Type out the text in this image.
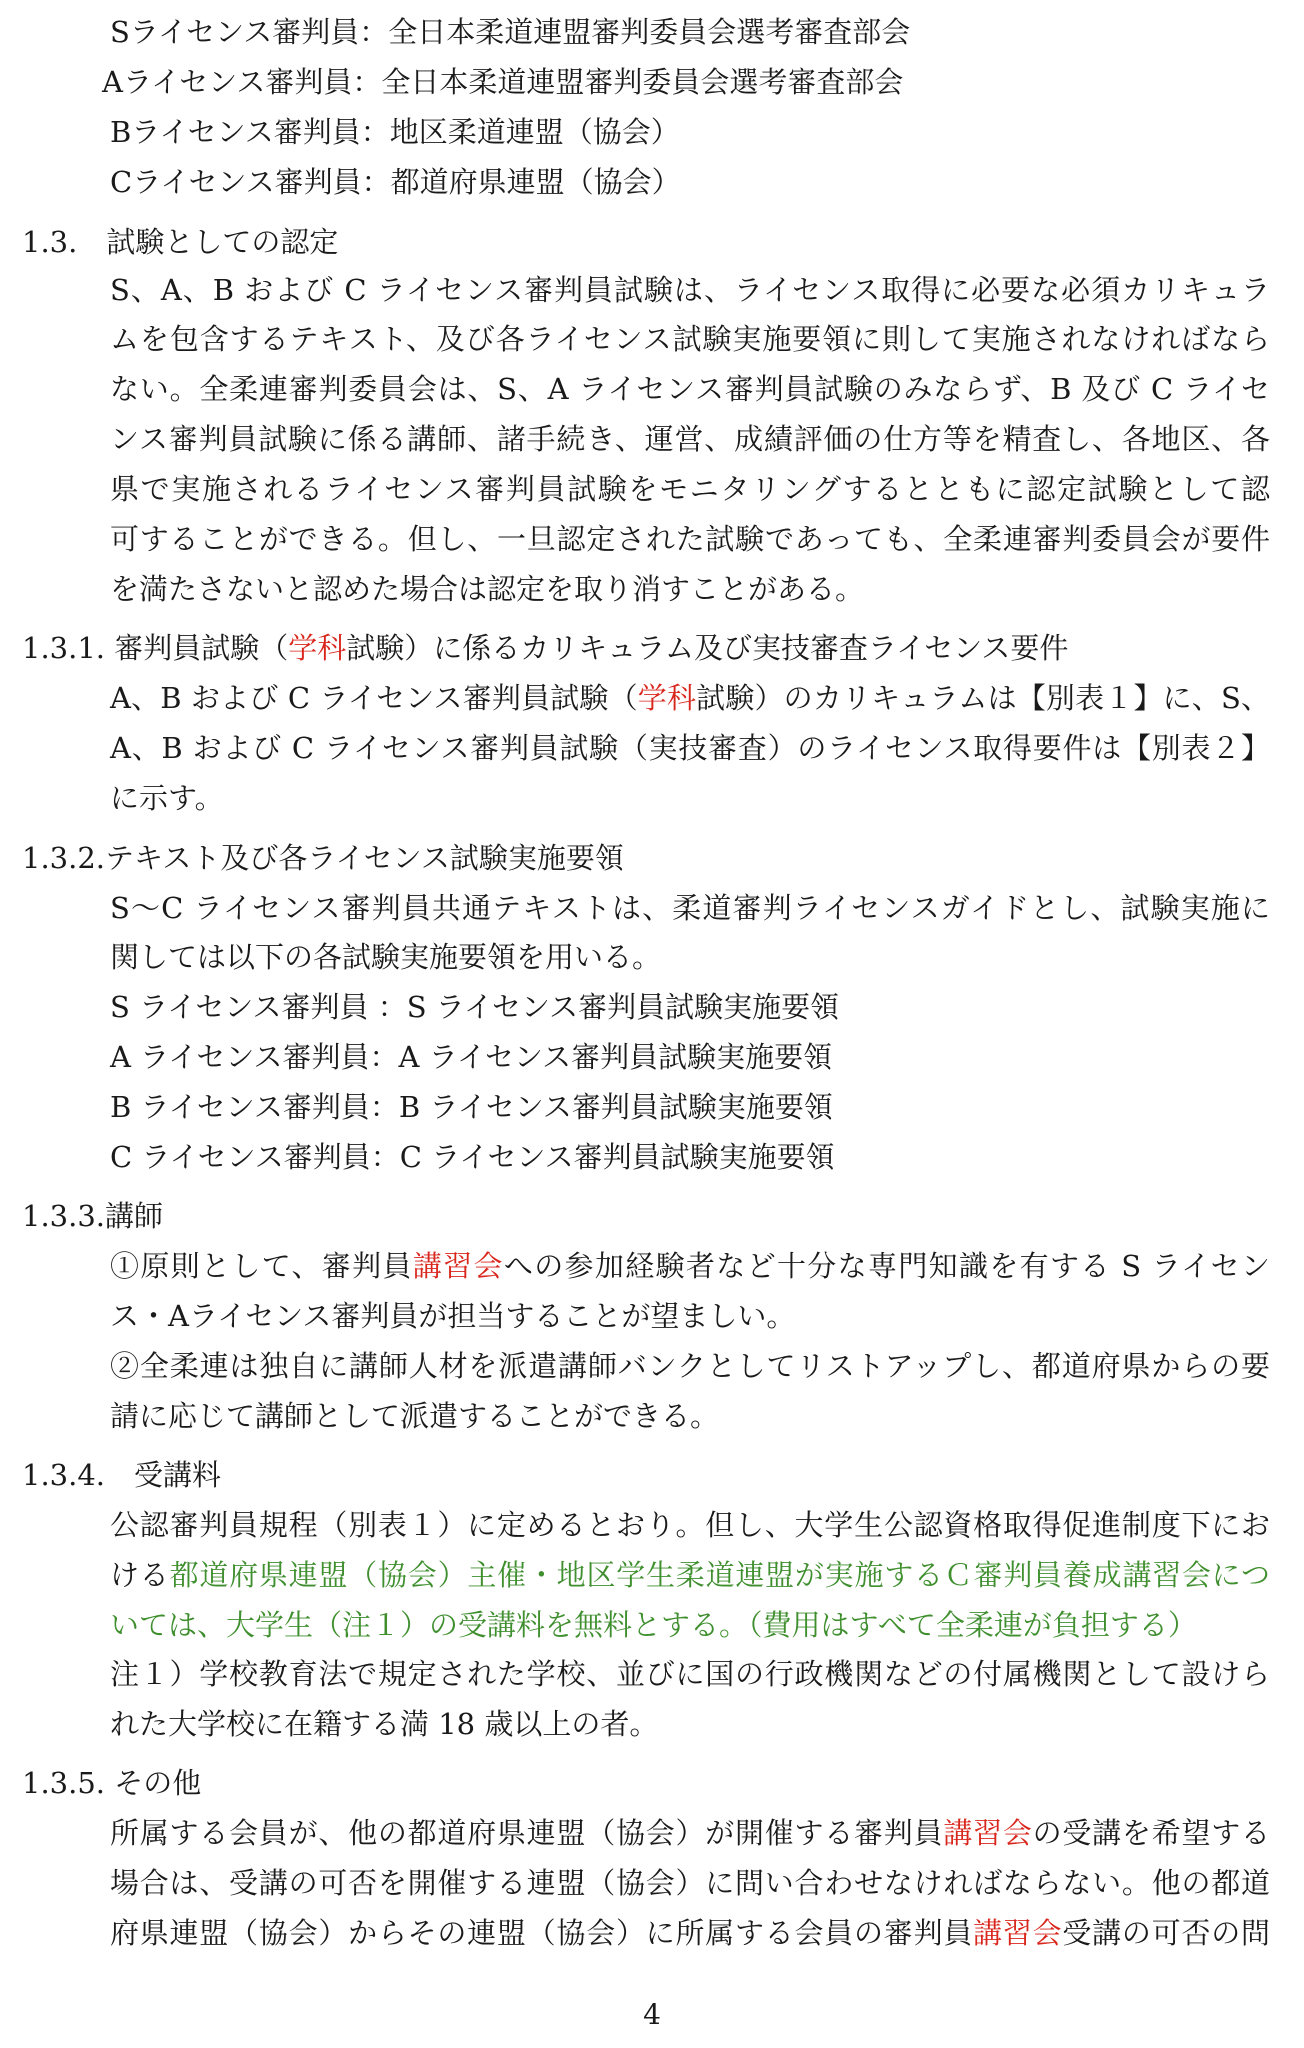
Sライセンス審判員：全日本柔道連盟審判委員会選考審査部会
Aライセンス審判員：全日本柔道連盟審判委員会選考審査部会
Bライセンス審判員：地区柔道連盟（協会）
Cライセンス審判員：都道府県連盟（協会）
1.3.　試験としての認定
S、A、B および C ライセンス審判員試験は、ライセンス取得に必要な必須カリキュラ
ムを包含するテキスト、及び各ライセンス試験実施要領に則して実施されなければなら
ない。全柔連審判委員会は、S、A ライセンス審判員試験のみならず、B 及び C ライセ
ンス審判員試験に係る講師、諸手続き、運営、成績評価の仕方等を精査し、各地区、各
県で実施されるライセンス審判員試験をモニタリングするとともに認定試験として認
可することができる。但し、一旦認定された試験であっても、全柔連審判委員会が要件
を満たさないと認めた場合は認定を取り消すことがある。
1.3.1. 審判員試験（学科試験）に係るカリキュラム及び実技審査ライセンス要件
A、B および C ライセンス審判員試験（学科試験）のカリキュラムは【別表１】に、S、
A、B および C ライセンス審判員試験（実技審査）のライセンス取得要件は【別表２】
に示す。
1.3.2.テキスト及び各ライセンス試験実施要領
S〜C ライセンス審判員共通テキストは、柔道審判ライセンスガイドとし、試験実施に
関しては以下の各試験実施要領を用いる。
S ライセンス審判員 ：S ライセンス審判員試験実施要領
A ライセンス審判員：A ライセンス審判員試験実施要領
B ライセンス審判員：B ライセンス審判員試験実施要領
C ライセンス審判員：C ライセンス審判員試験実施要領
1.3.3.講師
①原則として、審判員講習会への参加経験者など十分な専門知識を有する S ライセン
ス・Aライセンス審判員が担当することが望ましい。
②全柔連は独自に講師人材を派遣講師バンクとしてリストアップし、都道府県からの要
請に応じて講師として派遣することができる。
1.3.4.　受講料
公認審判員規程（別表１）に定めるとおり。但し、大学生公認資格取得促進制度下にお
ける都道府県連盟（協会）主催・地区学生柔道連盟が実施するＣ審判員養成講習会につ
いては、大学生（注１）の受講料を無料とする。（費用はすべて全柔連が負担する）
注１）学校教育法で規定された学校、並びに国の行政機関などの付属機関として設けら
れた大学校に在籍する満 18 歳以上の者。
1.3.5. その他
所属する会員が、他の都道府県連盟（協会）が開催する審判員講習会の受講を希望する
場合は、受講の可否を開催する連盟（協会）に問い合わせなければならない。他の都道
府県連盟（協会）からその連盟（協会）に所属する会員の審判員講習会受講の可否の問
4
